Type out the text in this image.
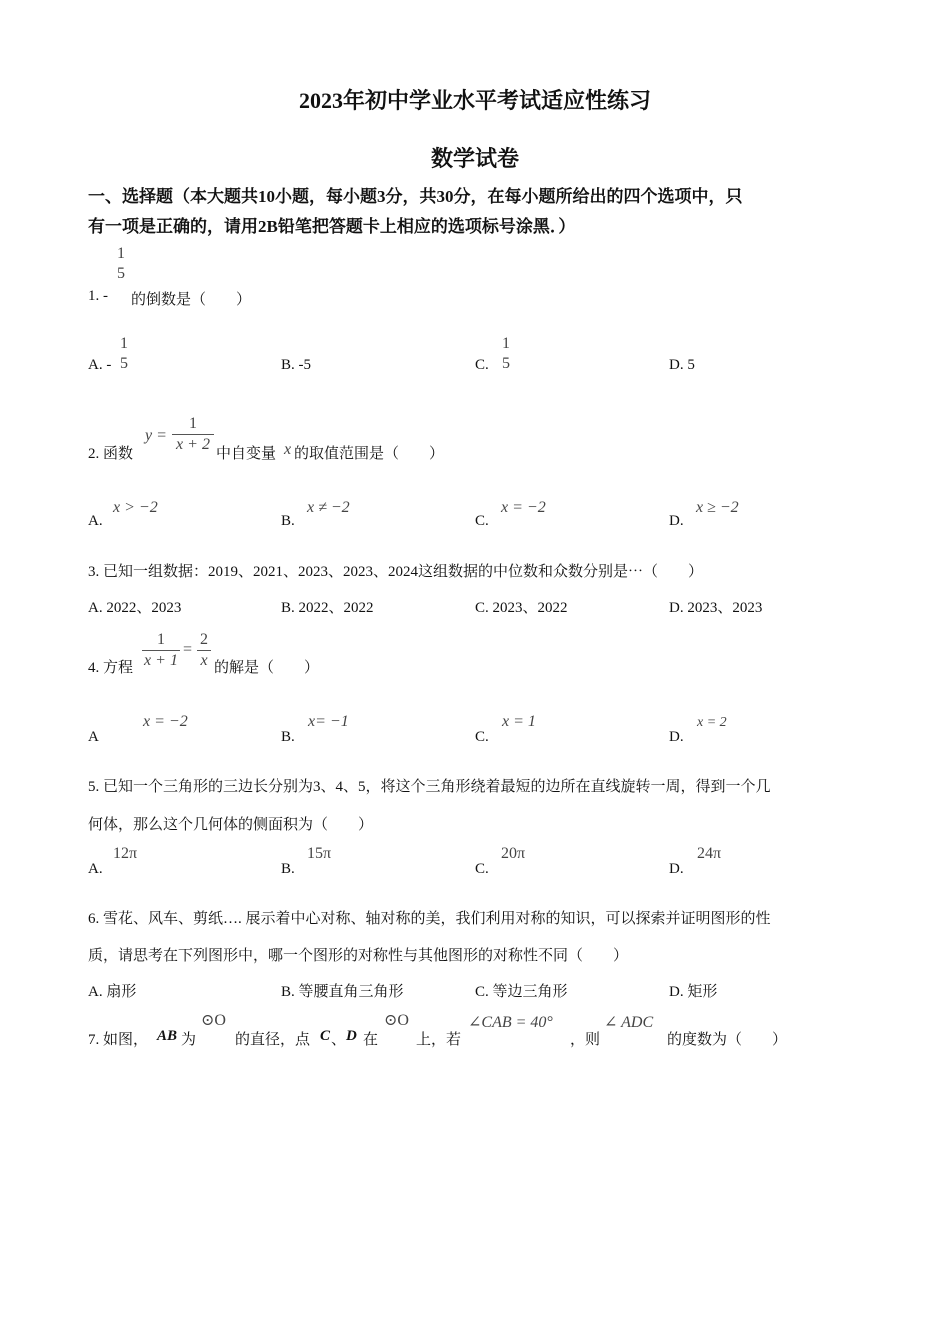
2023年初中学业水平考试适应性练习
数学试卷
一、选择题（本大题共10小题，每小题3分，共30分，在每小题所给出的四个选项中，只
有一项是正确的，请用2B铅笔把答题卡上相应的选项标号涂黑．）
1. -
1
5
的倒数是（　　）
A. -
1
5	B. -5	C.
1
5	D. 5
2. 函数
y =
1
x + 2
中自变量 x 的取值范围是（　　）
A.
x > −2
B.
x ≠ −2
C.
x = −2
D.
x ≥ −2
3. 已知一组数据：2019、2021、2023、2023、2024这组数据的中位数和众数分别是⋯（　　）
A. 2022、2023	B. 2022、2022	C. 2023、2022	D. 2023、2023
4. 方程
1
x + 1
=
2
x 的解是（　　）
A
x = −2
B.
x= −1
C.
x = 1
D.
x = 2
5. 已知一个三角形的三边长分别为3、4、5，将这个三角形绕着最短的边所在直线旋转一周，得到一个几
何体，那么这个几何体的侧面积为（　　）
A.
12π
B.
15π
C.
20π
D.
24π
6. 雪花、风车、剪纸…. 展示着中心对称、轴对称的美，我们利用对称的知识，可以探索并证明图形的性
质，请思考在下列图形中，哪一个图形的对称性与其他图形的对称性不同（　　）
A. 扇形	B. 等腰直角三角形	C. 等边三角形	D. 矩形
7. 如图， AB 为
⊙O
的直径，点 C 、 D 在
⊙O
上，若
∠CAB = 40°
，则
∠ ADC
的度数为（　　）
